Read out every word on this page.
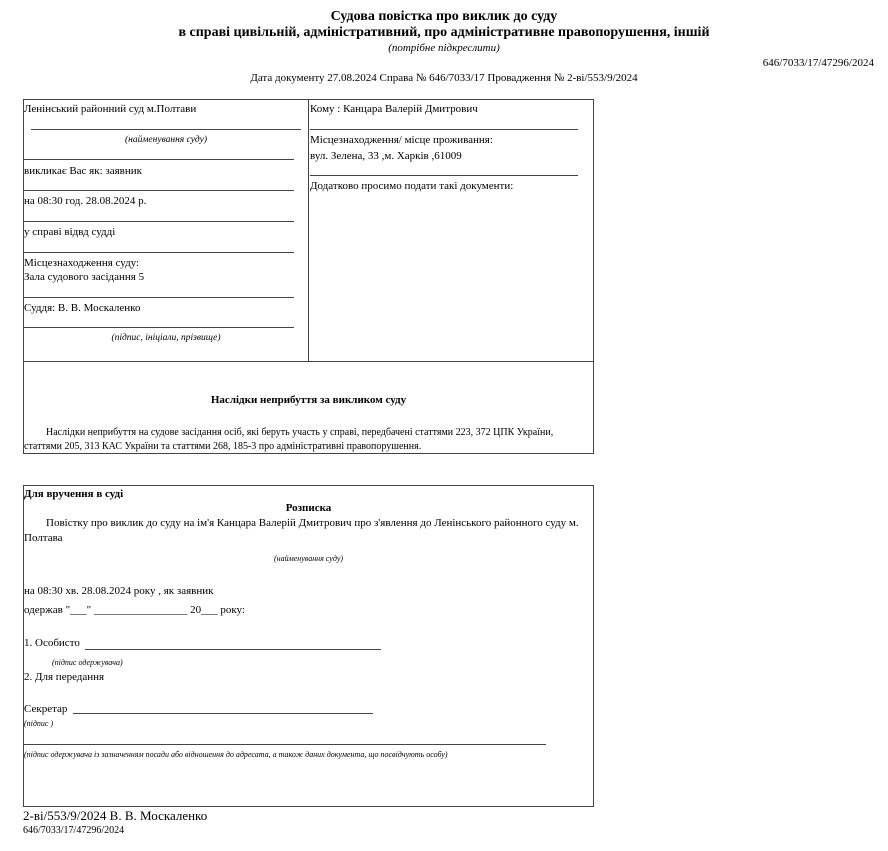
Судова повістка про виклик до суду
в справі цивільній, адміністративний, про адміністративне правопорушення, іншій
(потрібне підкреслити)
646/7033/17/47296/2024
Дата документу 27.08.2024 Справа № 646/7033/17 Провадження № 2-ві/553/9/2024
Ленінський районний суд м.Полтави
(найменування суду)
викликає Вас як: заявник
на 08:30 год. 28.08.2024 р.
у справі відвд судді
Місцезнаходження суду:
Зала судового засідання 5
Суддя: В. В. Москаленко
(підпис, ініціали, прізвище)
Кому : Канцара Валерій Дмитрович
Місцезнаходження/ місце проживання:
вул. Зелена, 33 ,м. Харків ,61009
Додатково просимо подати такі документи:
Наслідки неприбуття за викликом суду
Наслідки неприбуття на судове засідання осіб, які беруть участь у справі, передбачені статтями 223, 372 ЦПК України,
статтями 205, 313 КАС України та статтями 268, 185-3 про адміністративні правопорушення.
Для вручення в суді
Розписка
Повістку про виклик до суду на ім'я Канцара Валерій Дмитрович про з'явлення до Ленінського районного суду м.
Полтава
(найменування суду)
на 08:30 хв. 28.08.2024 року , як заявник
одержав "___" _________________ 20___ року:
1. Особисто
(підпис одержувача)
2. Для передання
Секретар
(підпис )
(підпис одержувача із зазначенням посади або відношення до адресата, а також даних документа, що посвідчують особу)
2-ві/553/9/2024 В. В. Москаленко
646/7033/17/47296/2024
